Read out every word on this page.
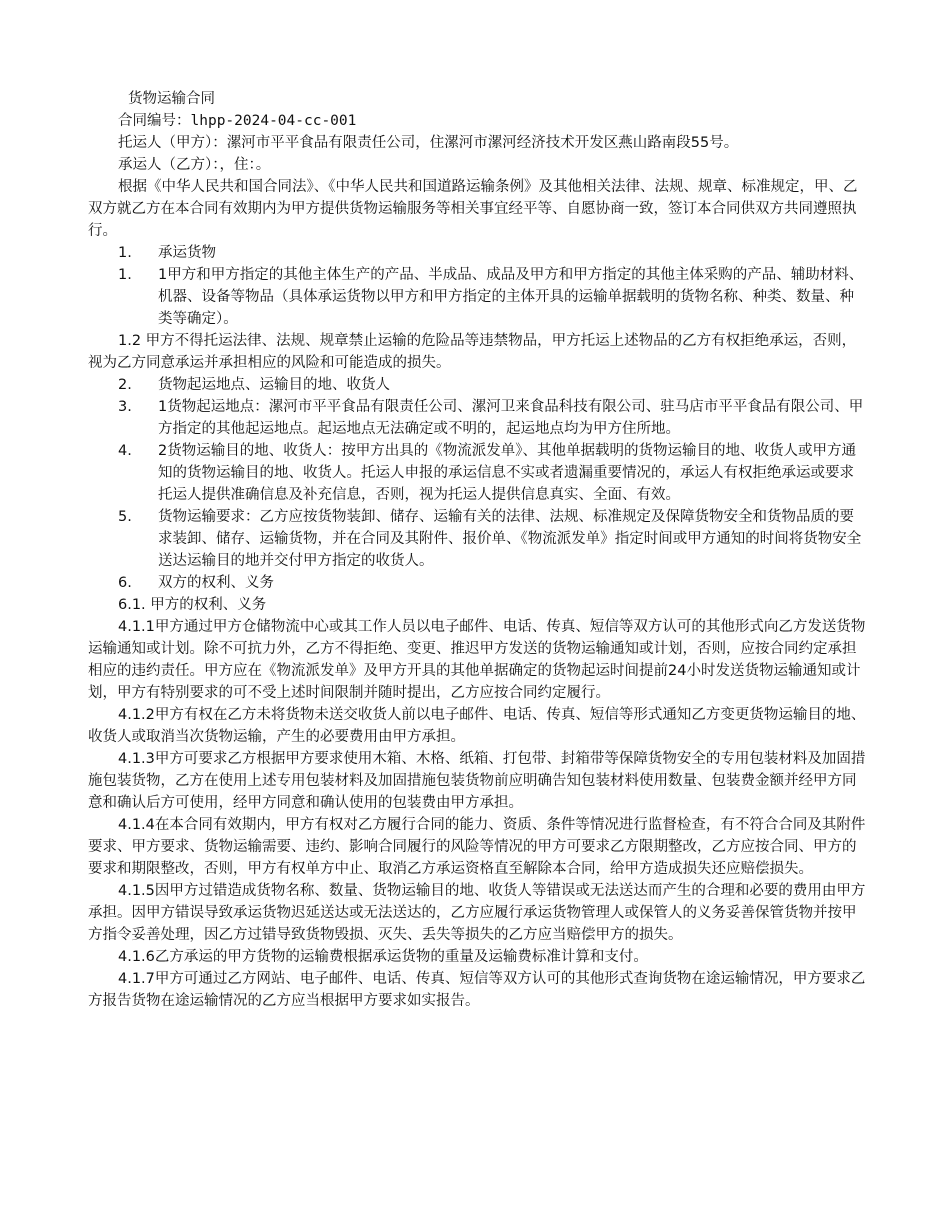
货物运输合同

合同编号：lhpp-2024-04-cc-001

托运人（甲方）：漯河市平平食品有限责任公司，住漯河市漯河经济技术开发区燕山路南段55号。

承运人（乙方）：，住：。

根据《中华人民共和国合同法》、《中华人民共和国道路运输条例》及其他相关法律、法规、规章、标准规定，甲、乙双方就乙方在本合同有效期内为甲方提供货物运输服务等相关事宜经平等、自愿协商一致，签订本合同供双方共同遵照执行。

1. 承运货物

1. 1甲方和甲方指定的其他主体生产的产品、半成品、成品及甲方和甲方指定的其他主体采购的产品、辅助材料、机器、设备等物品（具体承运货物以甲方和甲方指定的主体开具的运输单据载明的货物名称、种类、数量、种类等确定）。

1.2 甲方不得托运法律、法规、规章禁止运输的危险品等违禁物品，甲方托运上述物品的乙方有权拒绝承运，否则，视为乙方同意承运并承担相应的风险和可能造成的损失。

2. 货物起运地点、运输目的地、收货人

3. 1货物起运地点：漯河市平平食品有限责任公司、漯河卫来食品科技有限公司、驻马店市平平食品有限公司、甲方指定的其他起运地点。起运地点无法确定或不明的，起运地点均为甲方住所地。

4. 2货物运输目的地、收货人：按甲方出具的《物流派发单》、其他单据载明的货物运输目的地、收货人或甲方通知的货物运输目的地、收货人。托运人申报的承运信息不实或者遗漏重要情况的，承运人有权拒绝承运或要求托运人提供准确信息及补充信息，否则，视为托运人提供信息真实、全面、有效。

5. 货物运输要求：乙方应按货物装卸、储存、运输有关的法律、法规、标准规定及保障货物安全和货物品质的要求装卸、储存、运输货物，并在合同及其附件、报价单、《物流派发单》指定时间或甲方通知的时间将货物安全送达运输目的地并交付甲方指定的收货人。

6. 双方的权利、义务

6.1. 甲方的权利、义务

4.1.1甲方通过甲方仓储物流中心或其工作人员以电子邮件、电话、传真、短信等双方认可的其他形式向乙方发送货物运输通知或计划。除不可抗力外，乙方不得拒绝、变更、推迟甲方发送的货物运输通知或计划，否则，应按合同约定承担相应的违约责任。甲方应在《物流派发单》及甲方开具的其他单据确定的货物起运时间提前24小时发送货物运输通知或计划，甲方有特别要求的可不受上述时间限制并随时提出，乙方应按合同约定履行。

4.1.2甲方有权在乙方未将货物未送交收货人前以电子邮件、电话、传真、短信等形式通知乙方变更货物运输目的地、收货人或取消当次货物运输，产生的必要费用由甲方承担。

4.1.3甲方可要求乙方根据甲方要求使用木箱、木格、纸箱、打包带、封箱带等保障货物安全的专用包装材料及加固措施包装货物，乙方在使用上述专用包装材料及加固措施包装货物前应明确告知包装材料使用数量、包装费金额并经甲方同意和确认后方可使用，经甲方同意和确认使用的包装费由甲方承担。

4.1.4在本合同有效期内，甲方有权对乙方履行合同的能力、资质、条件等情况进行监督检查，有不符合合同及其附件要求、甲方要求、货物运输需要、违约、影响合同履行的风险等情况的甲方可要求乙方限期整改，乙方应按合同、甲方的要求和期限整改，否则，甲方有权单方中止、取消乙方承运资格直至解除本合同，给甲方造成损失还应赔偿损失。

4.1.5因甲方过错造成货物名称、数量、货物运输目的地、收货人等错误或无法送达而产生的合理和必要的费用由甲方承担。因甲方错误导致承运货物迟延送达或无法送达的，乙方应履行承运货物管理人或保管人的义务妥善保管货物并按甲方指令妥善处理，因乙方过错导致货物毁损、灭失、丢失等损失的乙方应当赔偿甲方的损失。

4.1.6乙方承运的甲方货物的运输费根据承运货物的重量及运输费标准计算和支付。

4.1.7甲方可通过乙方网站、电子邮件、电话、传真、短信等双方认可的其他形式查询货物在途运输情况，甲方要求乙方报告货物在途运输情况的乙方应当根据甲方要求如实报告。
